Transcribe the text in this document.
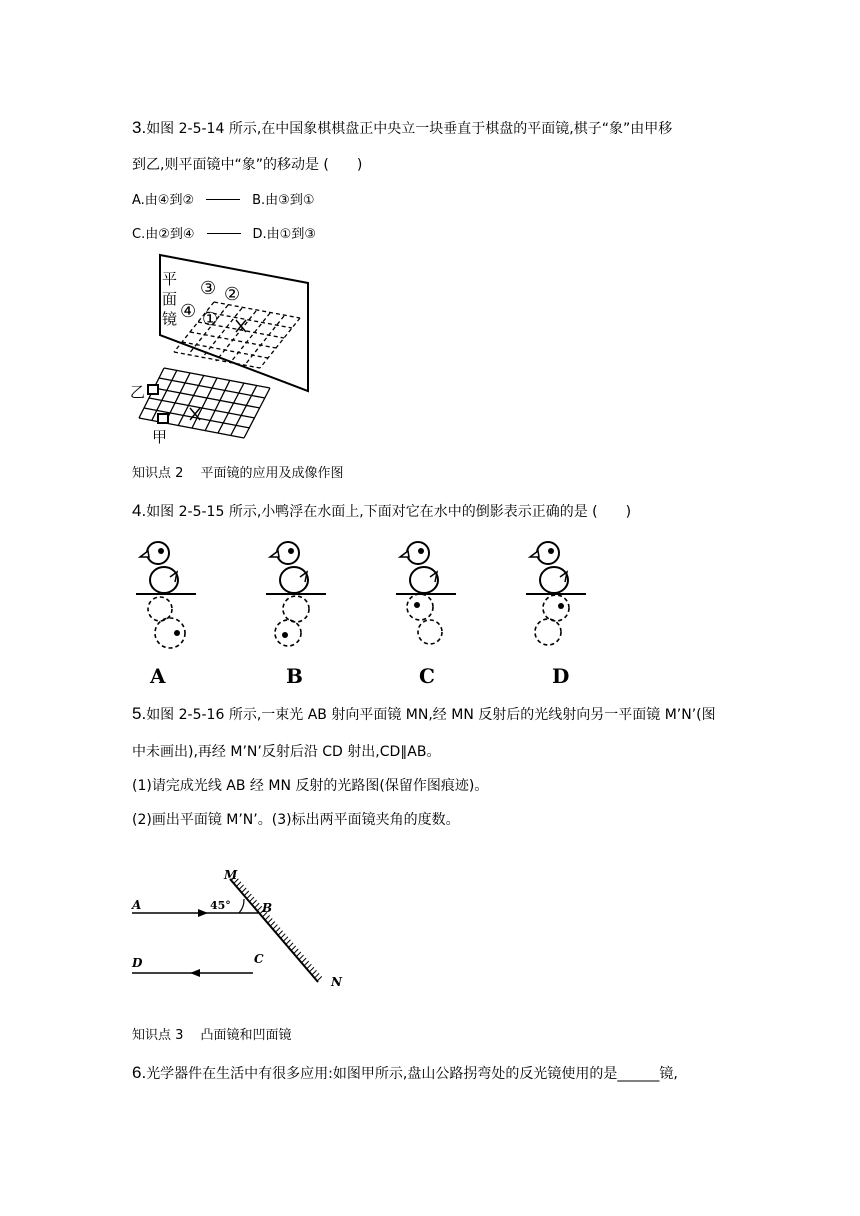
3.如图 2-5-14 所示,在中国象棋棋盘正中央立一块垂直于棋盘的平面镜,棋子“象”由甲移
到乙,则平面镜中“象”的移动是 (　　)
A.由④到②	B.由③到①
C.由②到④	D.由①到③
平
面
镜
③ ②
④ ①
乙
甲
知识点 2　 平面镜的应用及成像作图
4.如图 2-5-15 所示,小鸭浮在水面上,下面对它在水中的倒影表示正确的是 (　　)
A	B	C	D
5.如图 2-5-16 所示,一束光 AB 射向平面镜 MN,经 MN 反射后的光线射向另一平面镜 M’N’(图
中未画出),再经 M’N’反射后沿 CD 射出,CD∥AB。
(1)请完成光线 AB 经 MN 反射的光路图(保留作图痕迹)。
(2)画出平面镜 M’N’。(3)标出两平面镜夹角的度数。
A
M
45°	B
C
D
N
知识点 3　 凸面镜和凹面镜
6.光学器件在生活中有很多应用:如图甲所示,盘山公路拐弯处的反光镜使用的是______镜,
